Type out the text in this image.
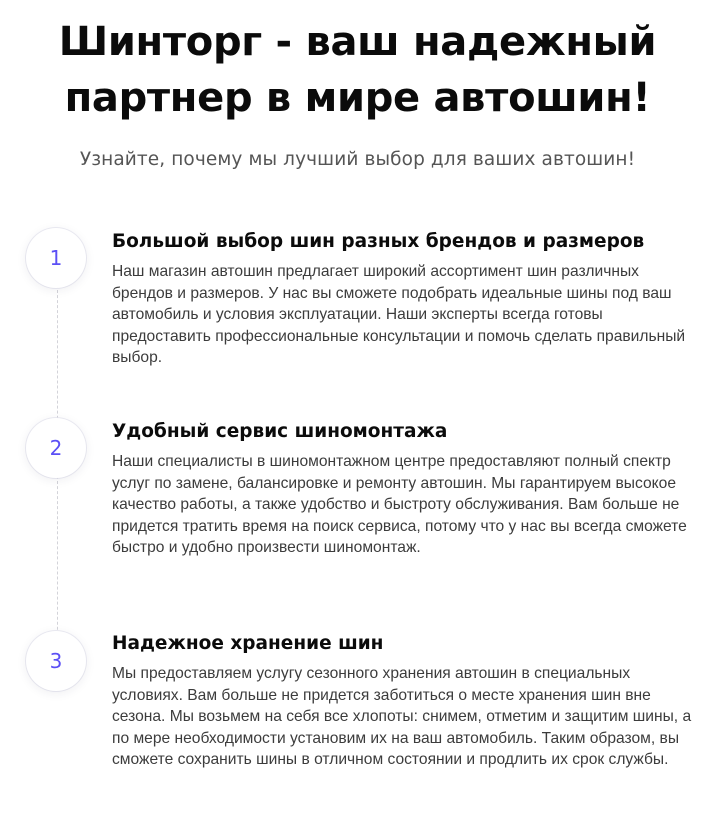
Шинторг - ваш надежный партнер в мире автошин!
Узнайте, почему мы лучший выбор для ваших автошин!
1
Большой выбор шин разных брендов и размеров
Наш магазин автошин предлагает широкий ассортимент шин различных брендов и размеров. У нас вы сможете подобрать идеальные шины под ваш автомобиль и условия эксплуатации. Наши эксперты всегда готовы предоставить профессиональные консультации и помочь сделать правильный выбор.
2
Удобный сервис шиномонтажа
Наши специалисты в шиномонтажном центре предоставляют полный спектр услуг по замене, балансировке и ремонту автошин. Мы гарантируем высокое качество работы, а также удобство и быстроту обслуживания. Вам больше не придется тратить время на поиск сервиса, потому что у нас вы всегда сможете быстро и удобно произвести шиномонтаж.
3
Надежное хранение шин
Мы предоставляем услугу сезонного хранения автошин в специальных условиях. Вам больше не придется заботиться о месте хранения шин вне сезона. Мы возьмем на себя все хлопоты: снимем, отметим и защитим шины, а по мере необходимости установим их на ваш автомобиль. Таким образом, вы сможете сохранить шины в отличном состоянии и продлить их срок службы.
